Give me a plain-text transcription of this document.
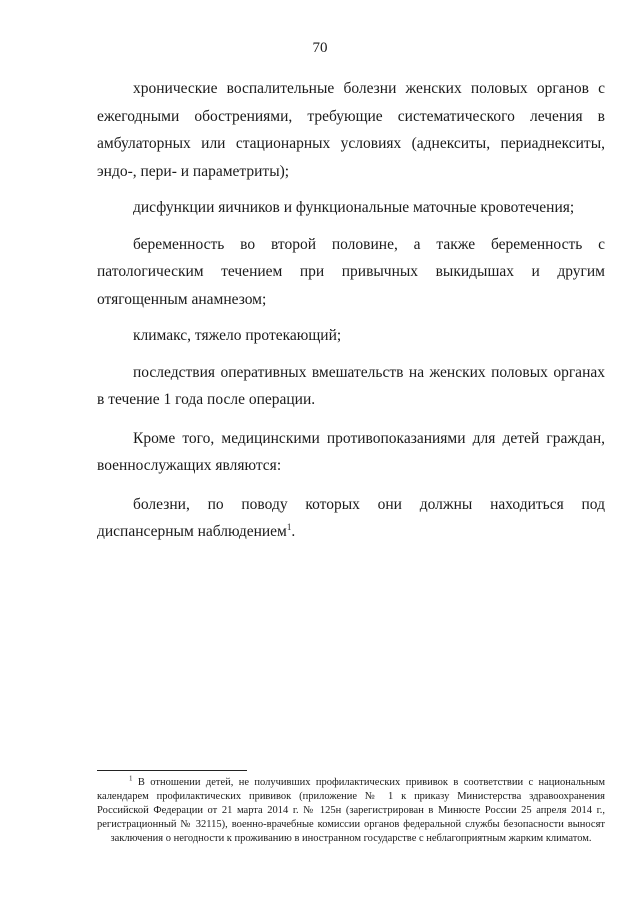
70

хронические воспалительные болезни женских половых органов с ежегодными обострениями, требующие систематического лечения в амбулаторных или стационарных условиях (аднекситы, периаднекситы, эндо-, пери- и параметриты);

дисфункции яичников и функциональные маточные кровотечения;

беременность во второй половине, а также беременность с патологическим течением при привычных выкидышах и другим отягощенным анамнезом;

климакс, тяжело протекающий;

последствия оперативных вмешательств на женских половых органах в течение 1 года после операции.

Кроме того, медицинскими противопоказаниями для детей граждан, военнослужащих являются:

болезни, по поводу которых они должны находиться под диспансерным наблюдением$^1$.

$^1$ В отношении детей, не получивших профилактических прививок в соответствии с национальным календарем профилактических прививок (приложение № 1 к приказу Министерства здравоохранения Российской Федерации от 21 марта 2014 г. № 125н (зарегистрирован в Минюсте России 25 апреля 2014 г., регистрационный № 32115), военно-врачебные комиссии органов федеральной службы безопасности выносят заключения о негодности к проживанию в иностранном государстве с неблагоприятным жарким климатом.
